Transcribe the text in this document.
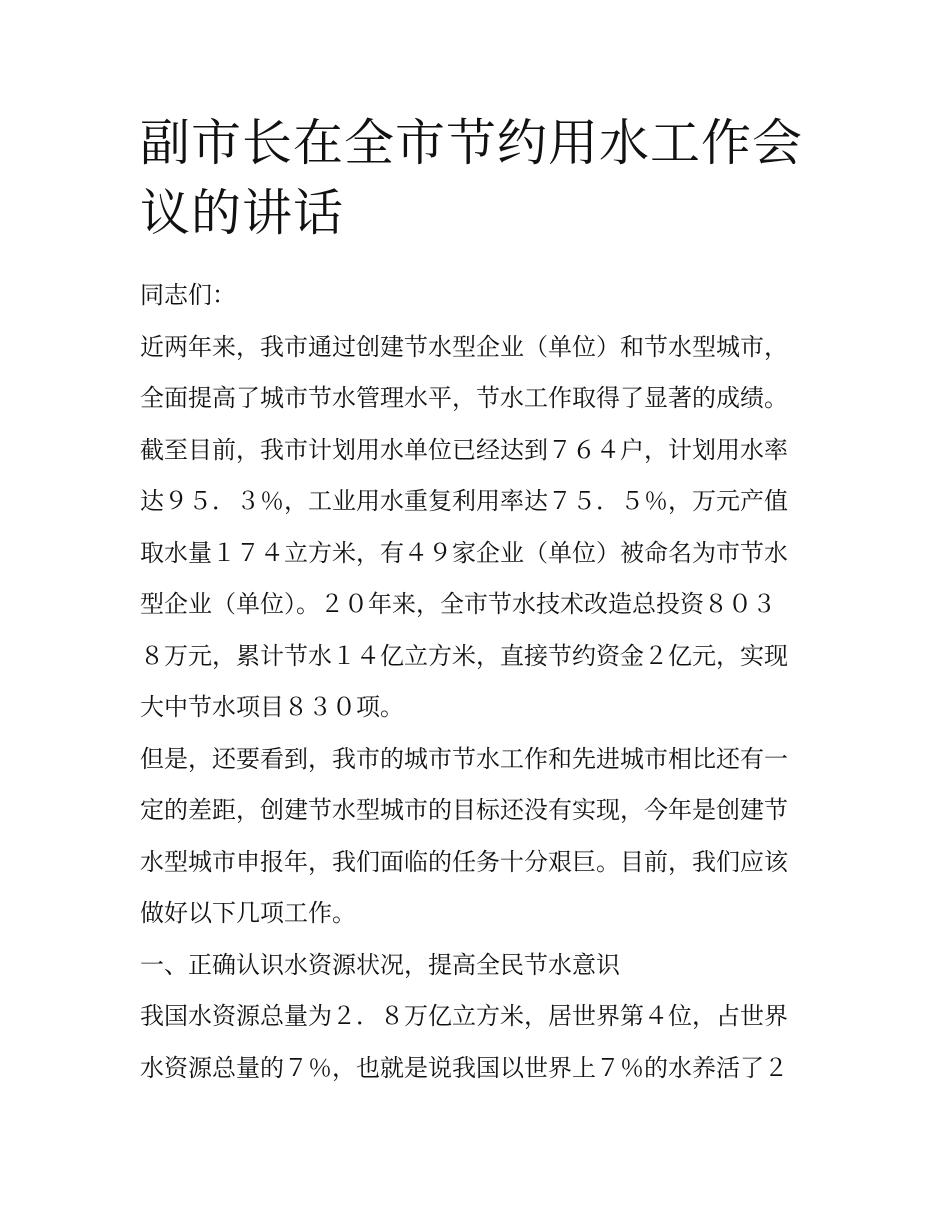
副市长在全市节约用水工作会
议的讲话
同志们：
近两年来，我市通过创建节水型企业（单位）和节水型城市，
全面提高了城市节水管理水平，节水工作取得了显著的成绩。
截至目前，我市计划用水单位已经达到７６４户，计划用水率
达９５．３％，工业用水重复利用率达７５．５％，万元产值
取水量１７４立方米，有４９家企业（单位）被命名为市节水
型企业（单位）。２０年来，全市节水技术改造总投资８０３
８万元，累计节水１４亿立方米，直接节约资金２亿元，实现
大中节水项目８３０项。
但是，还要看到，我市的城市节水工作和先进城市相比还有一
定的差距，创建节水型城市的目标还没有实现，今年是创建节
水型城市申报年，我们面临的任务十分艰巨。目前，我们应该
做好以下几项工作。
一、正确认识水资源状况，提高全民节水意识
我国水资源总量为２．８万亿立方米，居世界第４位，占世界
水资源总量的７％，也就是说我国以世界上７％的水养活了２
